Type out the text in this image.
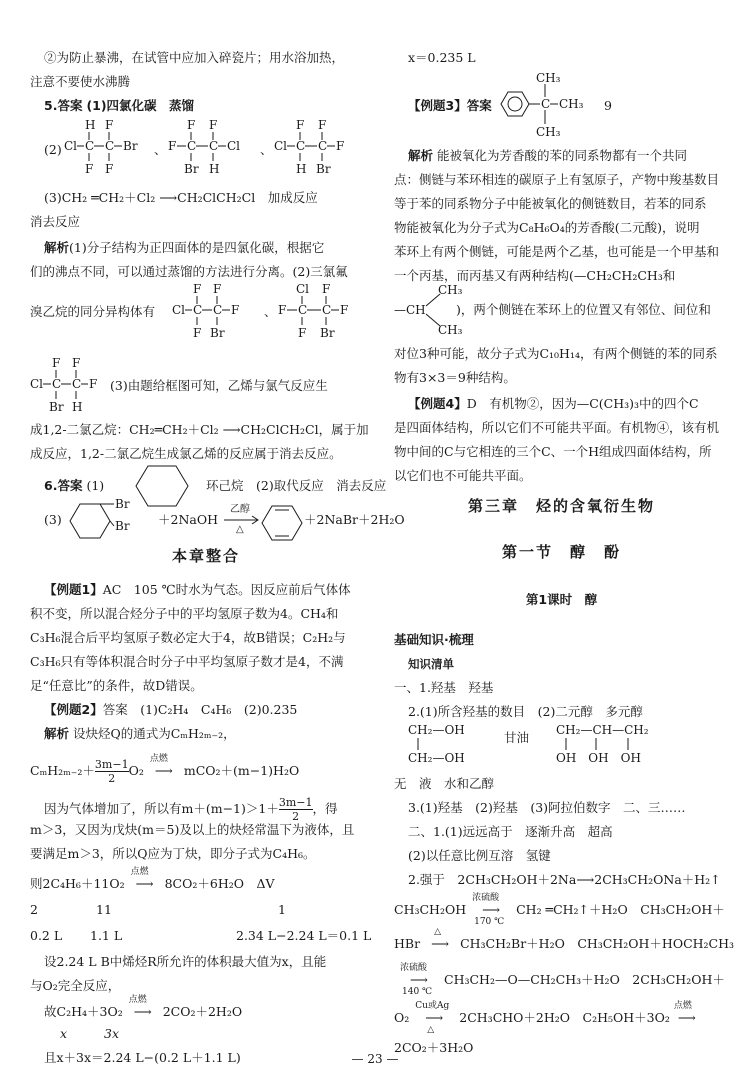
②为防止暴沸，在试管中应加入碎瓷片；用水浴加热，
注意不要使水沸腾
5.答案 (1)四氯化碳　蒸馏
(2)
H F
Cl C C Br
F F
、
F F
F C C Cl
Br H
、
F F
Cl C C F
H Br
(3)CH₂ ═CH₂＋Cl₂ ⟶CH₂ClCH₂Cl　加成反应
消去反应
解析(1)分子结构为正四面体的是四氯化碳，根据它
们的沸点不同，可以通过蒸馏的方法进行分离。(2)三氯氟
溴乙烷的同分异构体有
F F
Cl C C F
F Br
、
Cl F
F C C F
F Br
F F
Cl C C F
Br H
(3)由题给框图可知，乙烯与氯气反应生
成1,2-二氯乙烷：CH₂═CH₂＋Cl₂ ⟶CH₂ClCH₂Cl，属于加
成反应，1,2-二氯乙烷生成氯乙烯的反应属于消去反应。
6.答案 (1)	环己烷　(2)取代反应　消去反应
(3)
Br
Br ＋2NaOH
乙醇
△
＋2NaBr＋2H₂O
本章整合
【例题1】AC　105 ℃时水为气态。因反应前后气体体
积不变，所以混合烃分子中的平均氢原子数为4。CH₄和
C₃H₆混合后平均氢原子数必定大于4，故B错误；C₂H₂与
C₃H₆只有等体积混合时分子中平均氢原子数才是4，不满
足“任意比”的条件，故D错误。
【例题2】答案　(1)C₂H₄　C₄H₆　(2)0.235
解析 设炔烃Q的通式为CₘH₂ₘ₋₂，
$C_mH_{2m-2}+ \frac{3m-1}{2} O_2$
点燃
⟶ mCO₂＋(m−1)H₂O
因为气体增加了，所以有$m+(m-1)>1+ \frac{3m-1}{2}$ ，得
m＞3，又因为戊炔(m＝5)及以上的炔烃常温下为液体，且
要满足m＞3，所以Q应为丁炔，即分子式为C₄H₆。
则2C₄H₆＋11O₂
点燃
⟶ 8CO₂＋6H₂O　ΔV
2	11	1
0.2 L 1.1 L	2.34 L−2.24 L＝0.1 L
设2.24 L B中烯烃R所允许的体积最大值为x，且能
与O₂完全反应，
故C₂H₄＋3O₂
点燃
⟶ 2CO₂＋2H₂O
x	3x
且x＋3x＝2.24 L−(0.2 L＋1.1 L)
x＝0.235 L
【例题3】答案	C
CH₃
CH₃
CH₃
9
解析 能被氧化为芳香酸的苯的同系物都有一个共同
点：侧链与苯环相连的碳原子上有氢原子，产物中羧基数目
等于苯的同系物分子中能被氧化的侧链数目，若苯的同系
物能被氧化为分子式为C₈H₆O₄的芳香酸(二元酸)，说明
苯环上有两个侧链，可能是两个乙基，也可能是一个甲基和
一个丙基，而丙基又有两种结构(—CH₂CH₂CH₃和
—CH
CH₃
CH₃
)，两个侧链在苯环上的位置又有邻位、间位和
对位3种可能，故分子式为C₁₀H₁₄，有两个侧链的苯的同系
物有3×3＝9种结构。
【例题4】D　有机物②，因为—C(CH₃)₃中的四个C
是四面体结构，所以它们不可能共平面。有机物④，该有机
物中间的C与它相连的三个C、一个H组成四面体结构，所
以它们也不可能共平面。
第三章　烃的含氧衍生物
第一节　醇　酚
第1课时　醇
基础知识·梳理
知识清单
一、1.羟基　羟基
2.(1)所含羟基的数目　(2)二元醇　多元醇
CH₂—OH
CH₂—OH
甘油 CH₂—CH—CH₂
OH　OH　OH
无　液　水和乙醇
3.(1)羟基　(2)羟基　(3)阿拉伯数字　二、三……
二、1.(1)远远高于　逐渐升高　超高
(2)以任意比例互溶　氢键
2.强于　2CH₃CH₂OH＋2Na⟶2CH₃CH₂ONa＋H₂↑
CH₃CH₂OH
浓硫酸
⟶
170 ℃
CH₂ ═CH₂↑＋H₂O　CH₃CH₂OH＋
HBr
△
⟶ CH₃CH₂Br＋H₂O　CH₃CH₂OH＋HOCH₂CH₃
浓硫酸
⟶
140 ℃
CH₃CH₂—O—CH₂CH₃＋H₂O　2CH₃CH₂OH＋
O₂
Cu或Ag
⟶
△
2CH₃CHO＋2H₂O　C₂H₅OH＋3O₂
点燃
⟶
2CO₂＋3H₂O
— 23 —
